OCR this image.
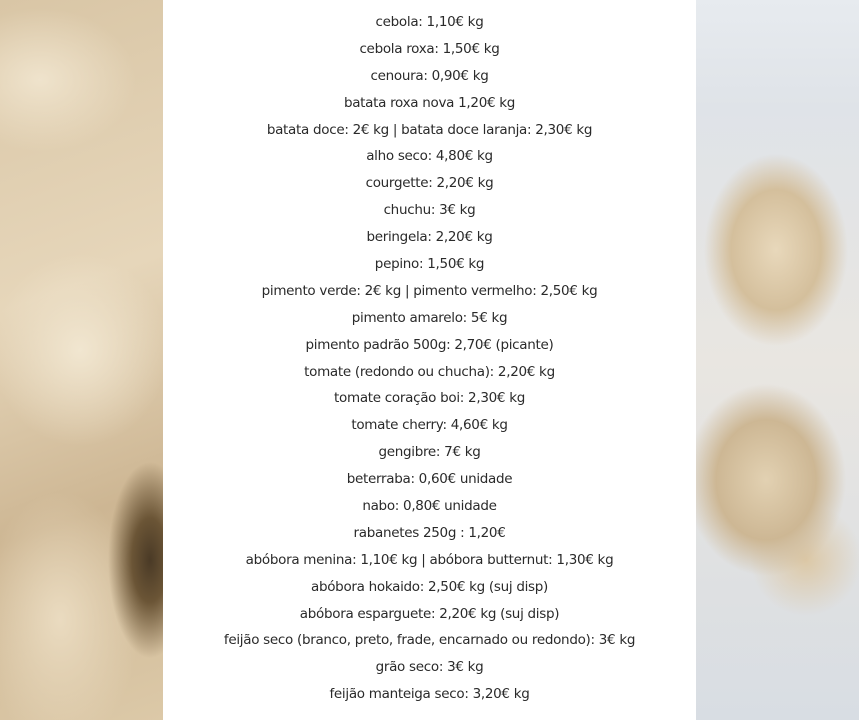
cebola: 1,10€ kg
cebola roxa: 1,50€ kg
cenoura: 0,90€ kg
batata roxa nova 1,20€ kg
batata doce: 2€ kg | batata doce laranja: 2,30€ kg
alho seco: 4,80€ kg
courgette: 2,20€ kg
chuchu: 3€ kg
beringela: 2,20€ kg
pepino: 1,50€ kg
pimento verde: 2€ kg | pimento vermelho: 2,50€ kg
pimento amarelo: 5€ kg
pimento padrão 500g: 2,70€ (picante)
tomate (redondo ou chucha): 2,20€ kg
tomate coração boi: 2,30€ kg
tomate cherry: 4,60€ kg
gengibre: 7€ kg
beterraba: 0,60€ unidade
nabo: 0,80€ unidade
rabanetes 250g : 1,20€
abóbora menina: 1,10€ kg | abóbora butternut: 1,30€ kg
abóbora hokaido: 2,50€ kg (suj disp)
abóbora esparguete: 2,20€ kg (suj disp)
feijão seco (branco, preto, frade, encarnado ou redondo): 3€ kg
grão seco: 3€ kg
feijão manteiga seco: 3,20€ kg
